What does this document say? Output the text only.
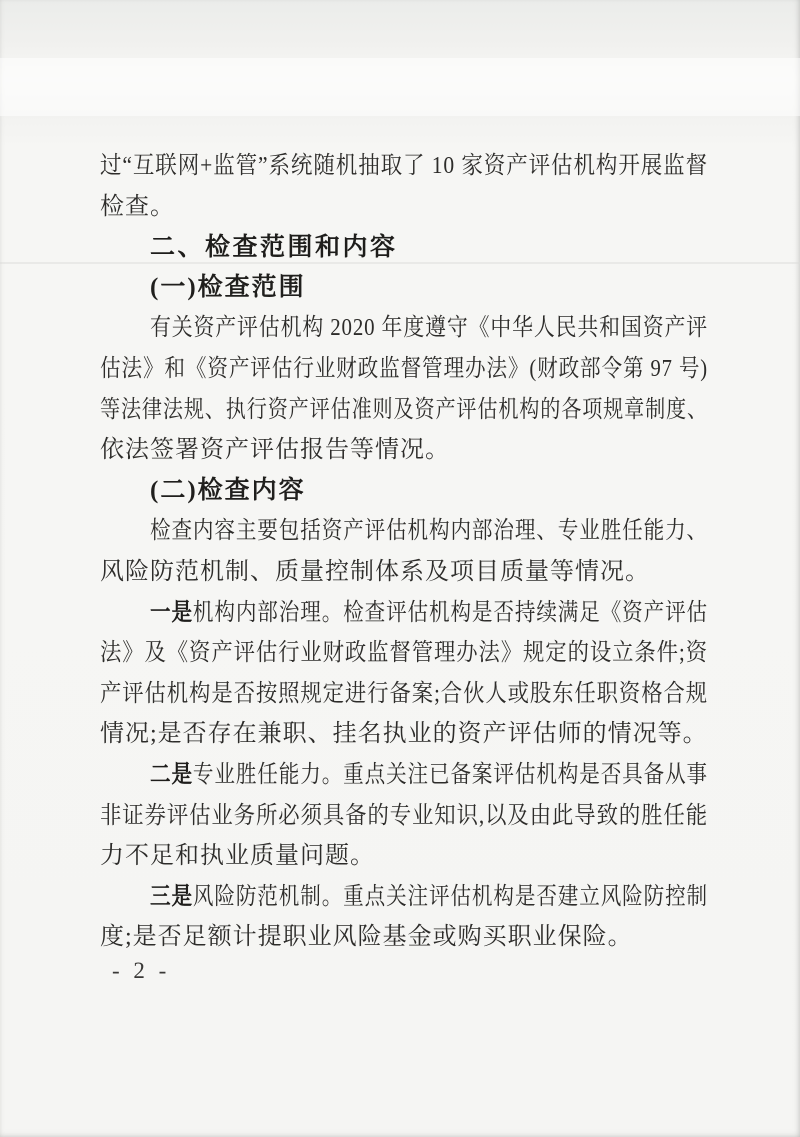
过“互联网+监管”系统随机抽取了 10 家资产评估机构开展监督
检查。
二、检查范围和内容
(一)检查范围
有关资产评估机构 2020 年度遵守《中华人民共和国资产评
估法》和《资产评估行业财政监督管理办法》(财政部令第 97 号)
等法律法规、执行资产评估准则及资产评估机构的各项规章制度、
依法签署资产评估报告等情况。
(二)检查内容
检查内容主要包括资产评估机构内部治理、专业胜任能力、
风险防范机制、质量控制体系及项目质量等情况。
一是机构内部治理。检查评估机构是否持续满足《资产评估
法》及《资产评估行业财政监督管理办法》规定的设立条件;资
产评估机构是否按照规定进行备案;合伙人或股东任职资格合规
情况;是否存在兼职、挂名执业的资产评估师的情况等。
二是专业胜任能力。重点关注已备案评估机构是否具备从事
非证券评估业务所必须具备的专业知识,以及由此导致的胜任能
力不足和执业质量问题。
三是风险防范机制。重点关注评估机构是否建立风险防控制
度;是否足额计提职业风险基金或购买职业保险。
- 2 -
